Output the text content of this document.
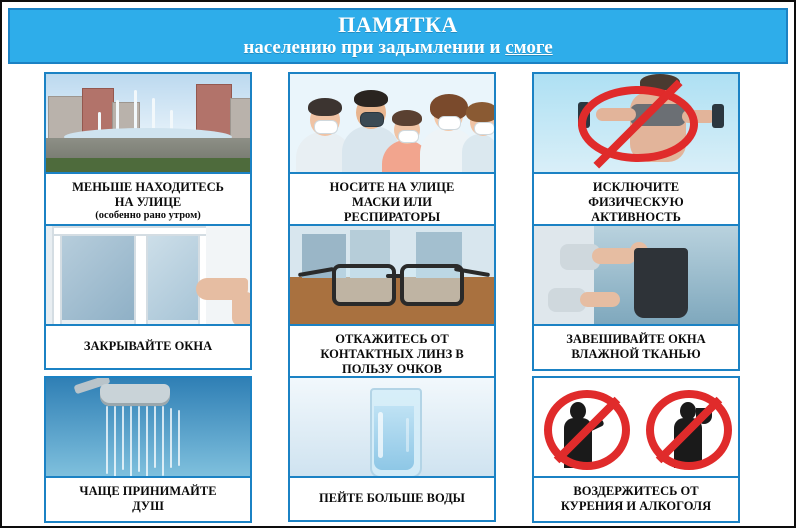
ПАМЯТКА
населению при задымлении и смоге
МЕНЬШЕ НАХОДИТЕСЬ
НА УЛИЦЕ
(особенно рано утром)
НОСИТЕ НА УЛИЦЕ
МАСКИ ИЛИ
РЕСПИРАТОРЫ
ИСКЛЮЧИТЕ
ФИЗИЧЕСКУЮ
АКТИВНОСТЬ
ЗАКРЫВАЙТЕ ОКНА
ОТКАЖИТЕСЬ ОТ
КОНТАКТНЫХ ЛИНЗ В
ПОЛЬЗУ ОЧКОВ
ЗАВЕШИВАЙТЕ ОКНА
ВЛАЖНОЙ ТКАНЬЮ
ЧАЩЕ ПРИНИМАЙТЕ
ДУШ
ПЕЙТЕ БОЛЬШЕ ВОДЫ
ВОЗДЕРЖИТЕСЬ ОТ
КУРЕНИЯ И АЛКОГОЛЯ
